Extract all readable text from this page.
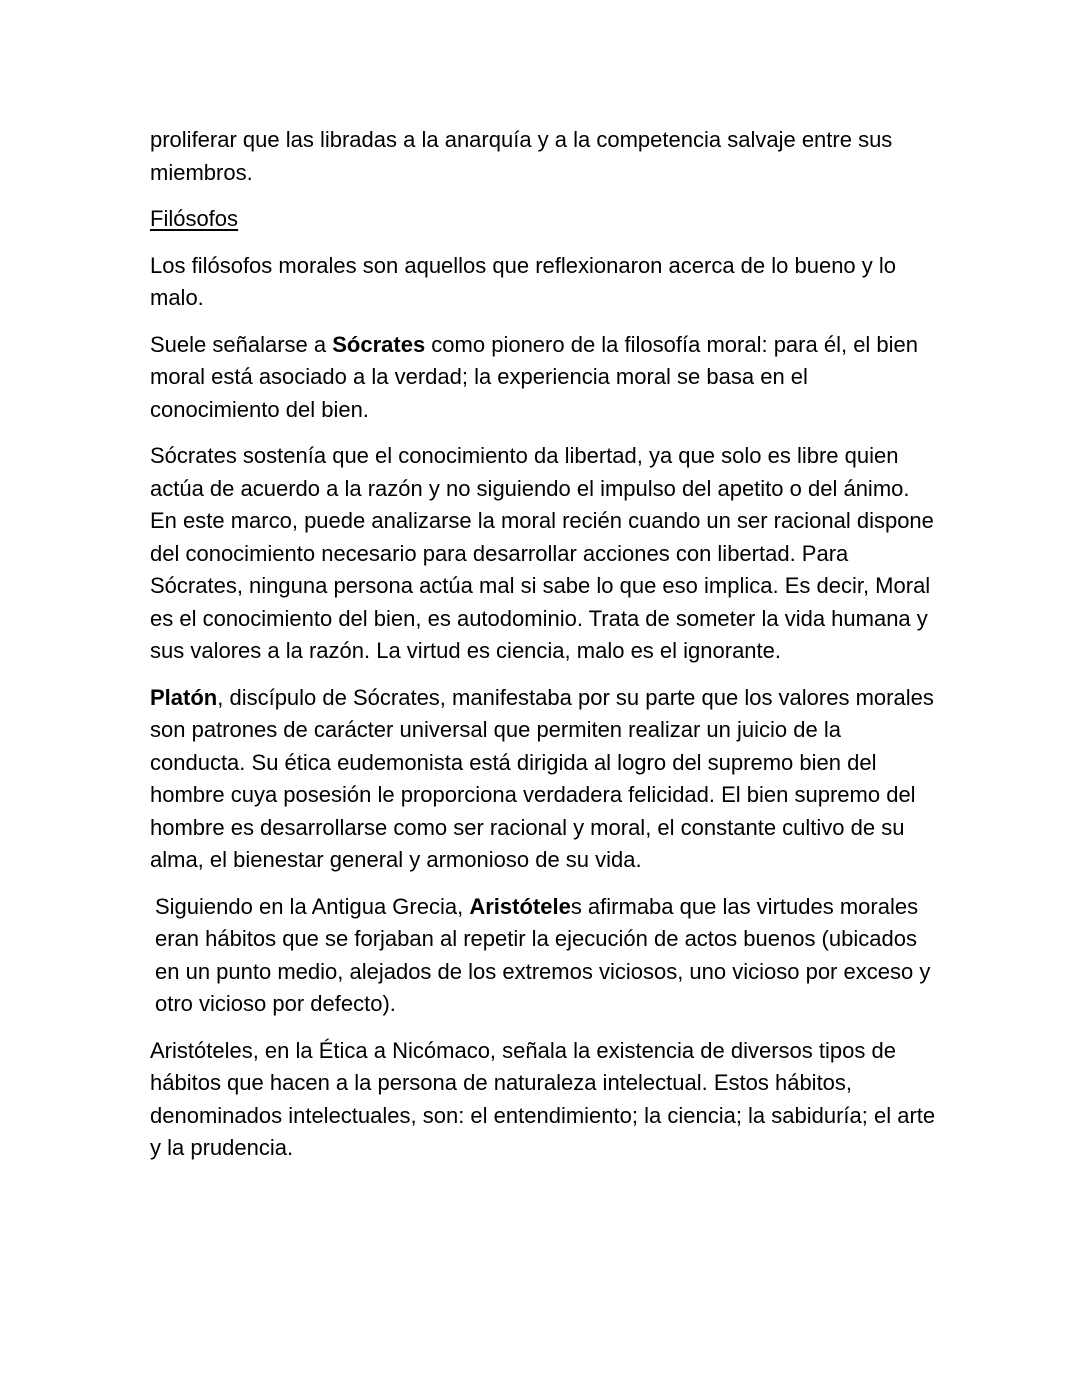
proliferar que las libradas a la anarquía y a la competencia salvaje entre sus miembros.

Filósofos

Los filósofos morales son aquellos que reflexionaron acerca de lo bueno y lo malo.

Suele señalarse a Sócrates como pionero de la filosofía moral: para él, el bien moral está asociado a la verdad; la experiencia moral se basa en el conocimiento del bien.

Sócrates sostenía que el conocimiento da libertad, ya que solo es libre quien actúa de acuerdo a la razón y no siguiendo el impulso del apetito o del ánimo. En este marco, puede analizarse la moral recién cuando un ser racional dispone del conocimiento necesario para desarrollar acciones con libertad. Para Sócrates, ninguna persona actúa mal si sabe lo que eso implica. Es decir, Moral es el conocimiento del bien, es autodominio. Trata de someter la vida humana y sus valores a la razón. La virtud es ciencia, malo es el ignorante.

Platón, discípulo de Sócrates, manifestaba por su parte que los valores morales son patrones de carácter universal que permiten realizar un juicio de la conducta. Su ética eudemonista está dirigida al logro del supremo bien del hombre cuya posesión le proporciona verdadera felicidad. El bien supremo del hombre es desarrollarse como ser racional y moral, el constante cultivo de su alma, el bienestar general y armonioso de su vida.

Siguiendo en la Antigua Grecia, Aristóteles afirmaba que las virtudes morales eran hábitos que se forjaban al repetir la ejecución de actos buenos (ubicados en un punto medio, alejados de los extremos viciosos, uno vicioso por exceso y otro vicioso por defecto).

Aristóteles, en la Ética a Nicómaco, señala la existencia de diversos tipos de hábitos que hacen a la persona de naturaleza intelectual. Estos hábitos, denominados intelectuales, son: el entendimiento; la ciencia; la sabiduría; el arte y la prudencia.
